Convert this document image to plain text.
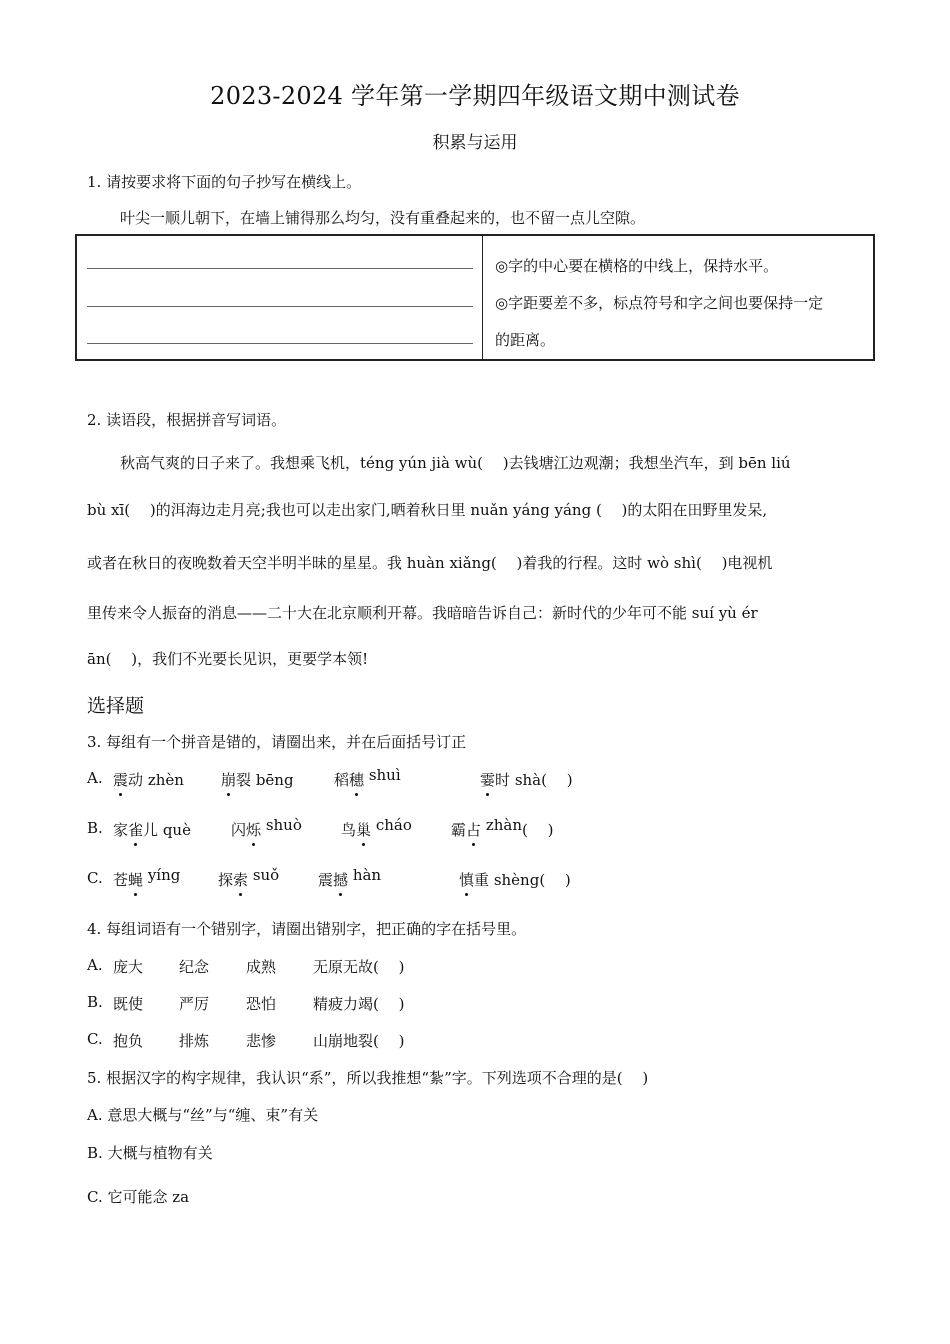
2023-2024 学年第一学期四年级语文期中测试卷
积累与运用
1. 请按要求将下面的句子抄写在横线上。
叶尖一顺儿朝下，在墙上铺得那么均匀，没有重叠起来的，也不留一点儿空隙。

◎字的中心要在横格的中线上，保持水平。
◎字距要差不多，标点符号和字之间也要保持一定
的距离。
2. 读语段，根据拼音写词语。
秋高气爽的日子来了。我想乘飞机，téng yún jià wù(　 )去钱塘江边观潮；我想坐汽车，到 bēn liú
bù xī(　 )的洱海边走月亮;我也可以走出家门,晒着秋日里 nuǎn yáng yáng ( 　)的太阳在田野里发呆,
或者在秋日的夜晚数着天空半明半昧的星星。我 huàn xiǎng(　 )着我的行程。这时 wò shì(　 )电视机
里传来令人振奋的消息——二十大在北京顺利开幕。我暗暗告诉自己：新时代的少年可不能 suí yù ér
ān(　 )，我们不光要长见识，更要学本领!
选择题
3. 每组有一个拼音是错的，请圈出来，并在后面括号订正
A. 震动 zhèn 崩裂 bēng	稻穗 shuì	霎时 shà(　 )
B. 家雀儿 què	闪烁 shuò	鸟巢 cháo	霸占 zhàn(　 )
C. 苍蝇 yíng	探索 suǒ	震撼 hàn	慎重 shèng(　 )
4. 每组词语有一个错别字，请圈出错别字，把正确的字在括号里。
A. 庞大 纪念 成熟 无原无故(　 )
B. 既使 严厉 恐怕 精疲力竭(　 )
C. 抱负 排炼 悲惨 山崩地裂(　 )
5. 根据汉字的构字规律，我认识“系”，所以我推想“紮”字。下列选项不合理的是(　 )
A. 意思大概与“丝”与“缠、束”有关
B. 大概与植物有关
C. 它可能念 za
